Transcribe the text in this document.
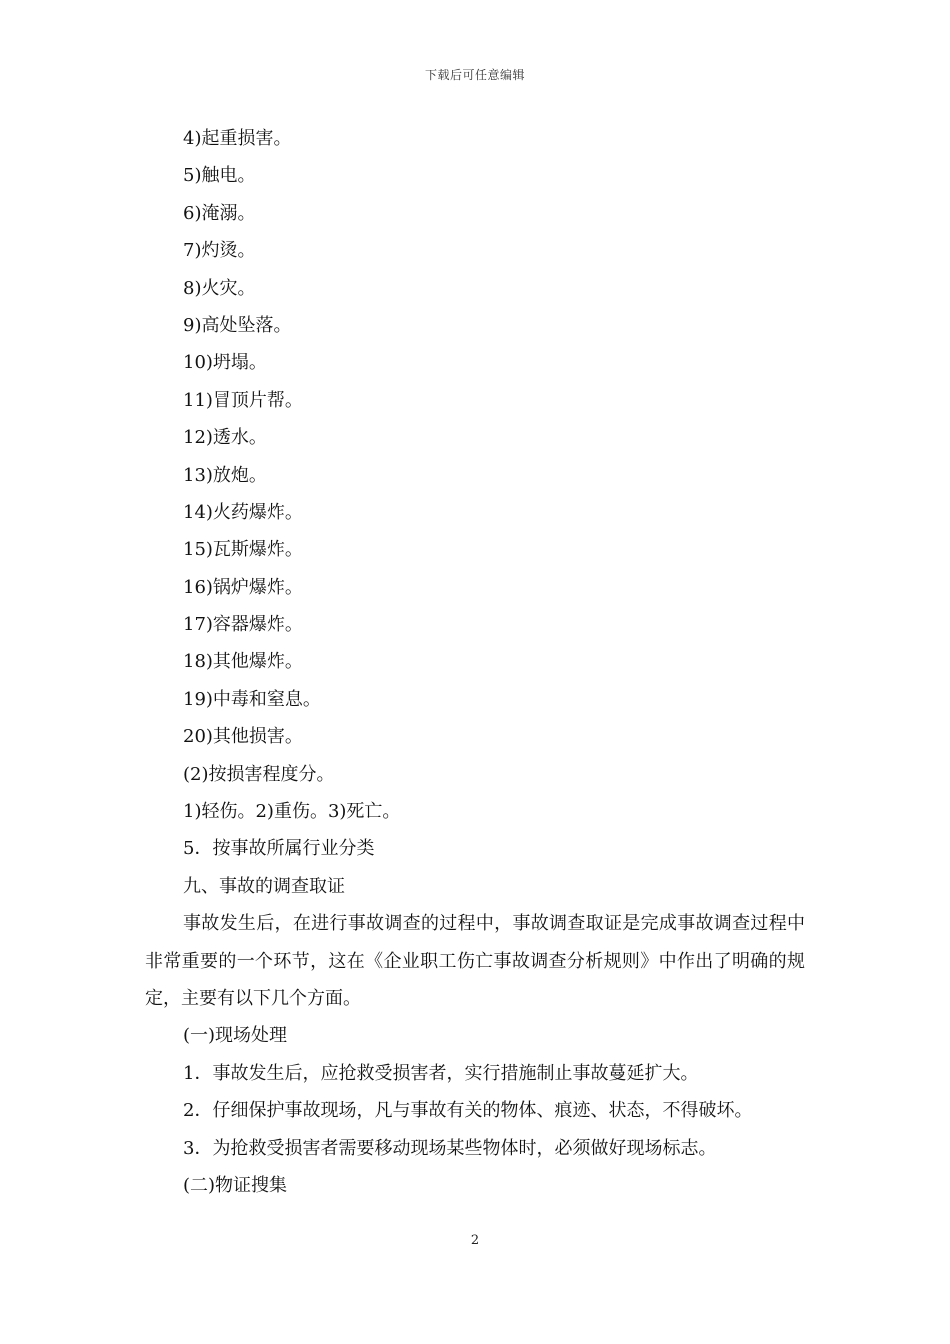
下载后可任意编辑
4)起重损害。
5)触电。
6)淹溺。
7)灼烫。
8)火灾。
9)高处坠落。
10)坍塌。
11)冒顶片帮。
12)透水。
13)放炮。
14)火药爆炸。
15)瓦斯爆炸。
16)锅炉爆炸。
17)容器爆炸。
18)其他爆炸。
19)中毒和窒息。
20)其他损害。
(2)按损害程度分。
1)轻伤。2)重伤。3)死亡。
5．按事故所属行业分类
九、事故的调查取证

事故发生后，在进行事故调查的过程中，事故调查取证是完成事故调查过程中非常重要的一个环节，这在《企业职工伤亡事故调查分析规则》中作出了明确的规定，主要有以下几个方面。

(一)现场处理
1．事故发生后，应抢救受损害者，实行措施制止事故蔓延扩大。
2．仔细保护事故现场，凡与事故有关的物体、痕迹、状态，不得破坏。
3．为抢救受损害者需要移动现场某些物体时，必须做好现场标志。
(二)物证搜集
2
